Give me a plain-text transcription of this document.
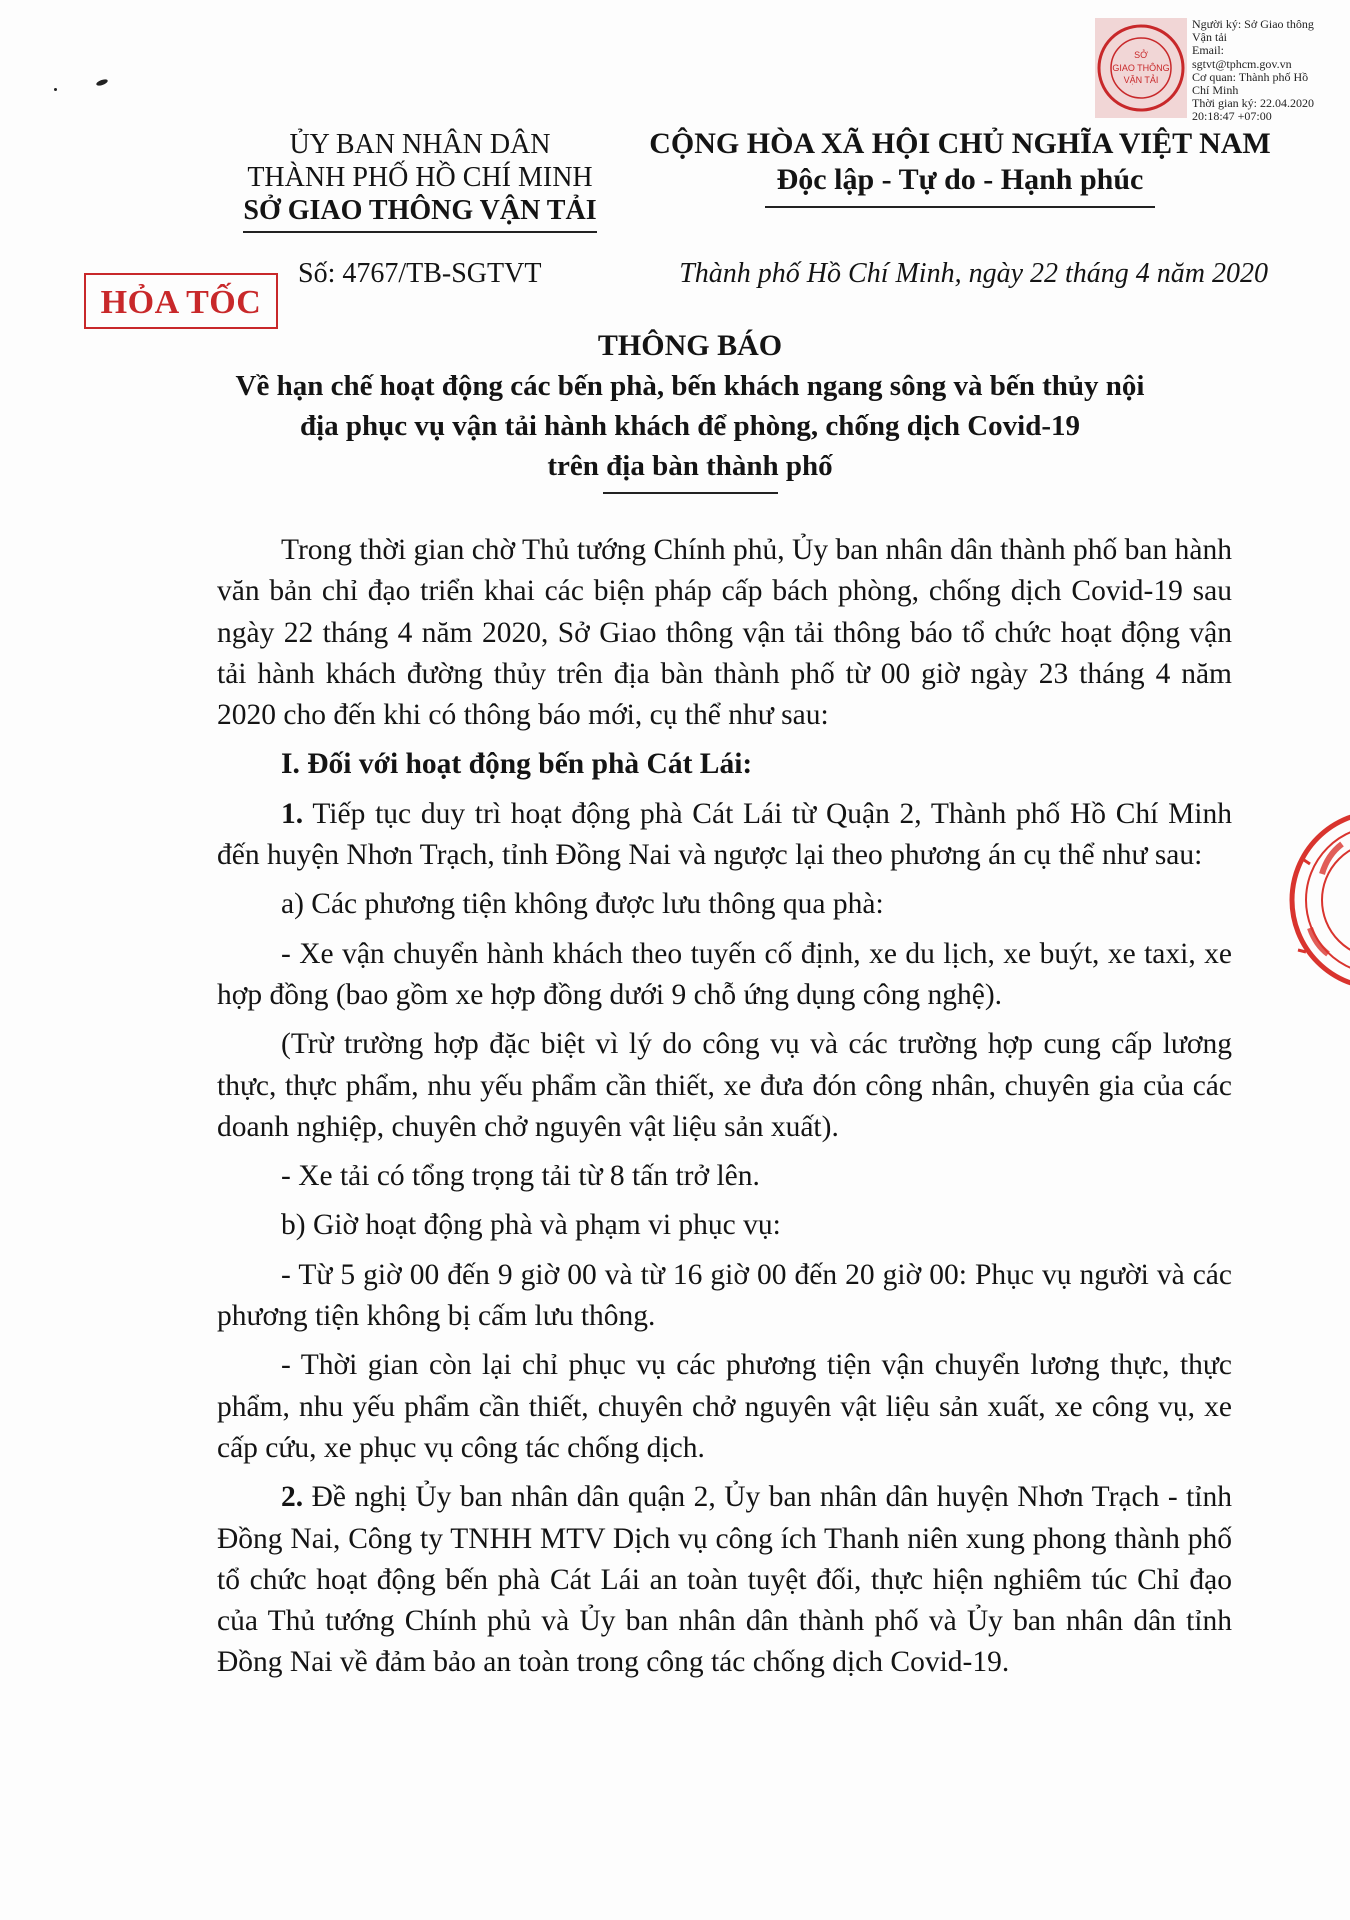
SỞ
GIAO THÔNG
VẬN TẢI
Người ký: Sở Giao thông
Vận tải
Email:
sgtvt@tphcm.gov.vn
Cơ quan: Thành phố Hồ
Chí Minh
Thời gian ký: 22.04.2020
20:18:47 +07:00
ỦY BAN NHÂN DÂN
THÀNH PHỐ HỒ CHÍ MINH
SỞ GIAO THÔNG VẬN TẢI
CỘNG HÒA XÃ HỘI CHỦ NGHĨA VIỆT NAM
Độc lập - Tự do - Hạnh phúc
Số: 4767/TB-SGTVT	Thành phố Hồ Chí Minh, ngày 22 tháng 4 năm 2020
HỎA TỐC
THÔNG BÁO
Về hạn chế hoạt động các bến phà, bến khách ngang sông và bến thủy nội
địa phục vụ vận tải hành khách để phòng, chống dịch Covid-19
trên địa bàn thành phố

Trong thời gian chờ Thủ tướng Chính phủ, Ủy ban nhân dân thành phố ban hành văn bản chỉ đạo triển khai các biện pháp cấp bách phòng, chống dịch Covid-19 sau ngày 22 tháng 4 năm 2020, Sở Giao thông vận tải thông báo tổ chức hoạt động vận tải hành khách đường thủy trên địa bàn thành phố từ 00 giờ ngày 23 tháng 4 năm 2020 cho đến khi có thông báo mới, cụ thể như sau:

I. Đối với hoạt động bến phà Cát Lái:

1. Tiếp tục duy trì hoạt động phà Cát Lái từ Quận 2, Thành phố Hồ Chí Minh đến huyện Nhơn Trạch, tỉnh Đồng Nai và ngược lại theo phương án cụ thể như sau:

a) Các phương tiện không được lưu thông qua phà:

- Xe vận chuyển hành khách theo tuyến cố định, xe du lịch, xe buýt, xe taxi, xe hợp đồng (bao gồm xe hợp đồng dưới 9 chỗ ứng dụng công nghệ).

(Trừ trường hợp đặc biệt vì lý do công vụ và các trường hợp cung cấp lương thực, thực phẩm, nhu yếu phẩm cần thiết, xe đưa đón công nhân, chuyên gia của các doanh nghiệp, chuyên chở nguyên vật liệu sản xuất).

- Xe tải có tổng trọng tải từ 8 tấn trở lên.

b) Giờ hoạt động phà và phạm vi phục vụ:

- Từ 5 giờ 00 đến 9 giờ 00 và từ 16 giờ 00 đến 20 giờ 00: Phục vụ người và các phương tiện không bị cấm lưu thông.

- Thời gian còn lại chỉ phục vụ các phương tiện vận chuyển lương thực, thực phẩm, nhu yếu phẩm cần thiết, chuyên chở nguyên vật liệu sản xuất, xe công vụ, xe cấp cứu, xe phục vụ công tác chống dịch.

2. Đề nghị Ủy ban nhân dân quận 2, Ủy ban nhân dân huyện Nhơn Trạch - tỉnh Đồng Nai, Công ty TNHH MTV Dịch vụ công ích Thanh niên xung phong thành phố tổ chức hoạt động bến phà Cát Lái an toàn tuyệt đối, thực hiện nghiêm túc Chỉ đạo của Thủ tướng Chính phủ và Ủy ban nhân dân thành phố và Ủy ban nhân dân tỉnh Đồng Nai về đảm bảo an toàn trong công tác chống dịch Covid-19.
